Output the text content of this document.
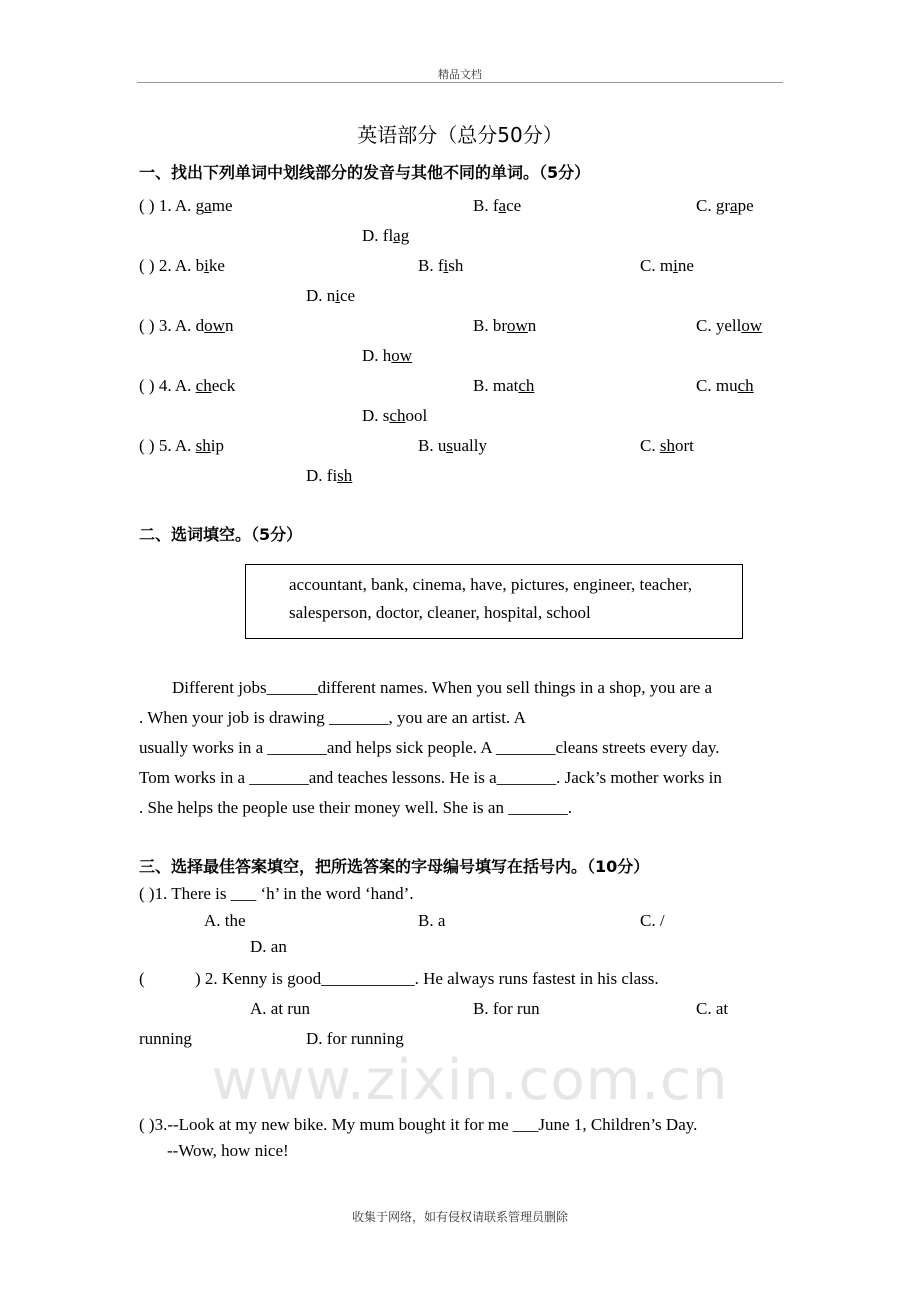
精品文档
www.zixin.com.cn
英语部分（总分50分）
一、找出下列单词中划线部分的发音与其他不同的单词。（5分）
( ) 1. A. game	B. face	C. grape
D. flag
( ) 2. A. bike	B. fish	C. mine
D. nice
( ) 3. A. down	B. brown	C. yellow
D. how
( ) 4. A. check	B. match	C. much
D. school
( ) 5. A. ship	B. usually	C. short
D. fish
二、选词填空。（5分）
accountant, bank, cinema, have, pictures, engineer, teacher,
salesperson, doctor, cleaner, hospital, school
Different jobs______different names. When you sell things in a shop, you are a
. When your job is drawing _______, you are an artist. A
usually works in a _______and helps sick people. A _______cleans streets every day.
Tom works in a _______and teaches lessons. He is a_______. Jack’s mother works in
. She helps the people use their money well. She is an _______.
三、选择最佳答案填空，把所选答案的字母编号填写在括号内。（10分）
( )1. There is ___ ‘h’ in the word ‘hand’.
A. the	B. a	C. /
D. an
(	) 2. Kenny is good___________. He always runs fastest in his class.
A. at run	B. for run	C. at
running	D. for running
( )3.--Look at my new bike. My mum bought it for me ___June 1, Children’s Day.
--Wow, how nice!
收集于网络，如有侵权请联系管理员删除
